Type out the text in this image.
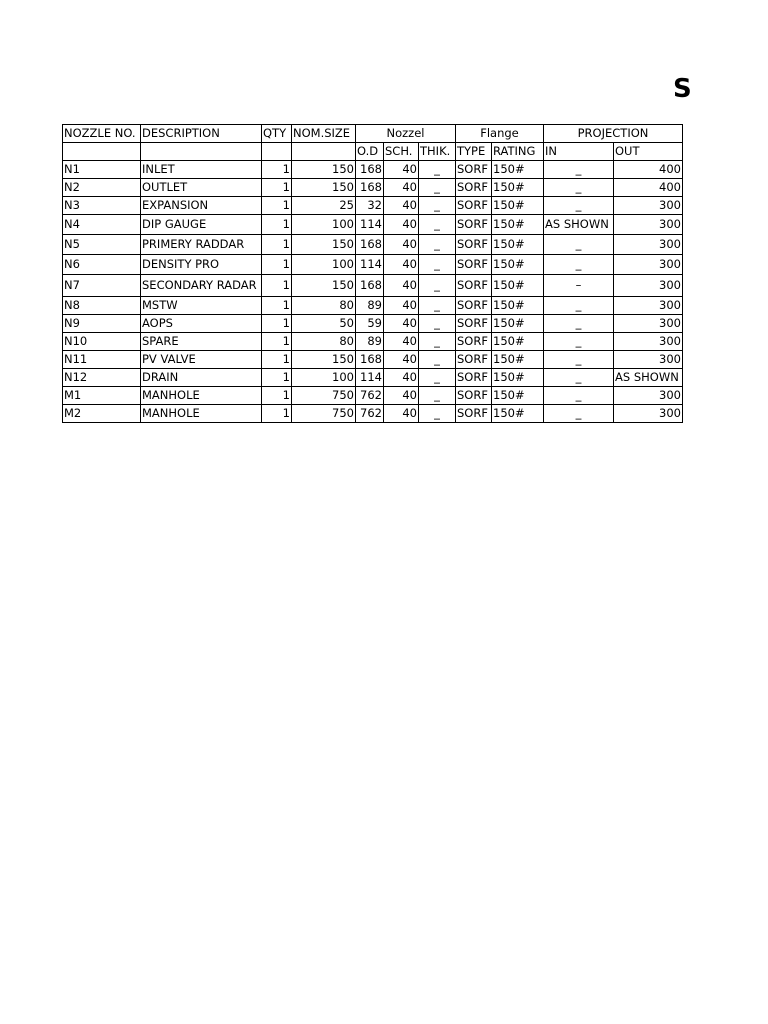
S
NOZZLE NO.	DESCRIPTION	QTY	NOM.SIZE	Nozzel			Flange		PROJECTION	
				O.D	SCH.	THIK.	TYPE	RATING	IN	OUT
N1	INLET	1	150	168	40	_	SORF	150#	_	400
N2	OUTLET	1	150	168	40	_	SORF	150#	_	400
N3	EXPANSION	1	25	32	40	_	SORF	150#	_	300
N4	DIP GAUGE	1	100	114	40	_	SORF	150#	AS SHOWN	300
N5	PRIMERY RADDAR	1	150	168	40	_	SORF	150#	_	300
N6	DENSITY PRO	1	100	114	40	_	SORF	150#	_	300
N7	SECONDARY RADAR	1	150	168	40	_	SORF	150#	–	300
N8	MSTW	1	80	89	40	_	SORF	150#	_	300
N9	AOPS	1	50	59	40	_	SORF	150#	_	300
N10	SPARE	1	80	89	40	_	SORF	150#	_	300
N11	PV VALVE	1	150	168	40	_	SORF	150#	_	300
N12	DRAIN	1	100	114	40	_	SORF	150#	_	AS SHOWN
M1	MANHOLE	1	750	762	40	_	SORF	150#	_	300
M2	MANHOLE	1	750	762	40	_	SORF	150#	_	300
